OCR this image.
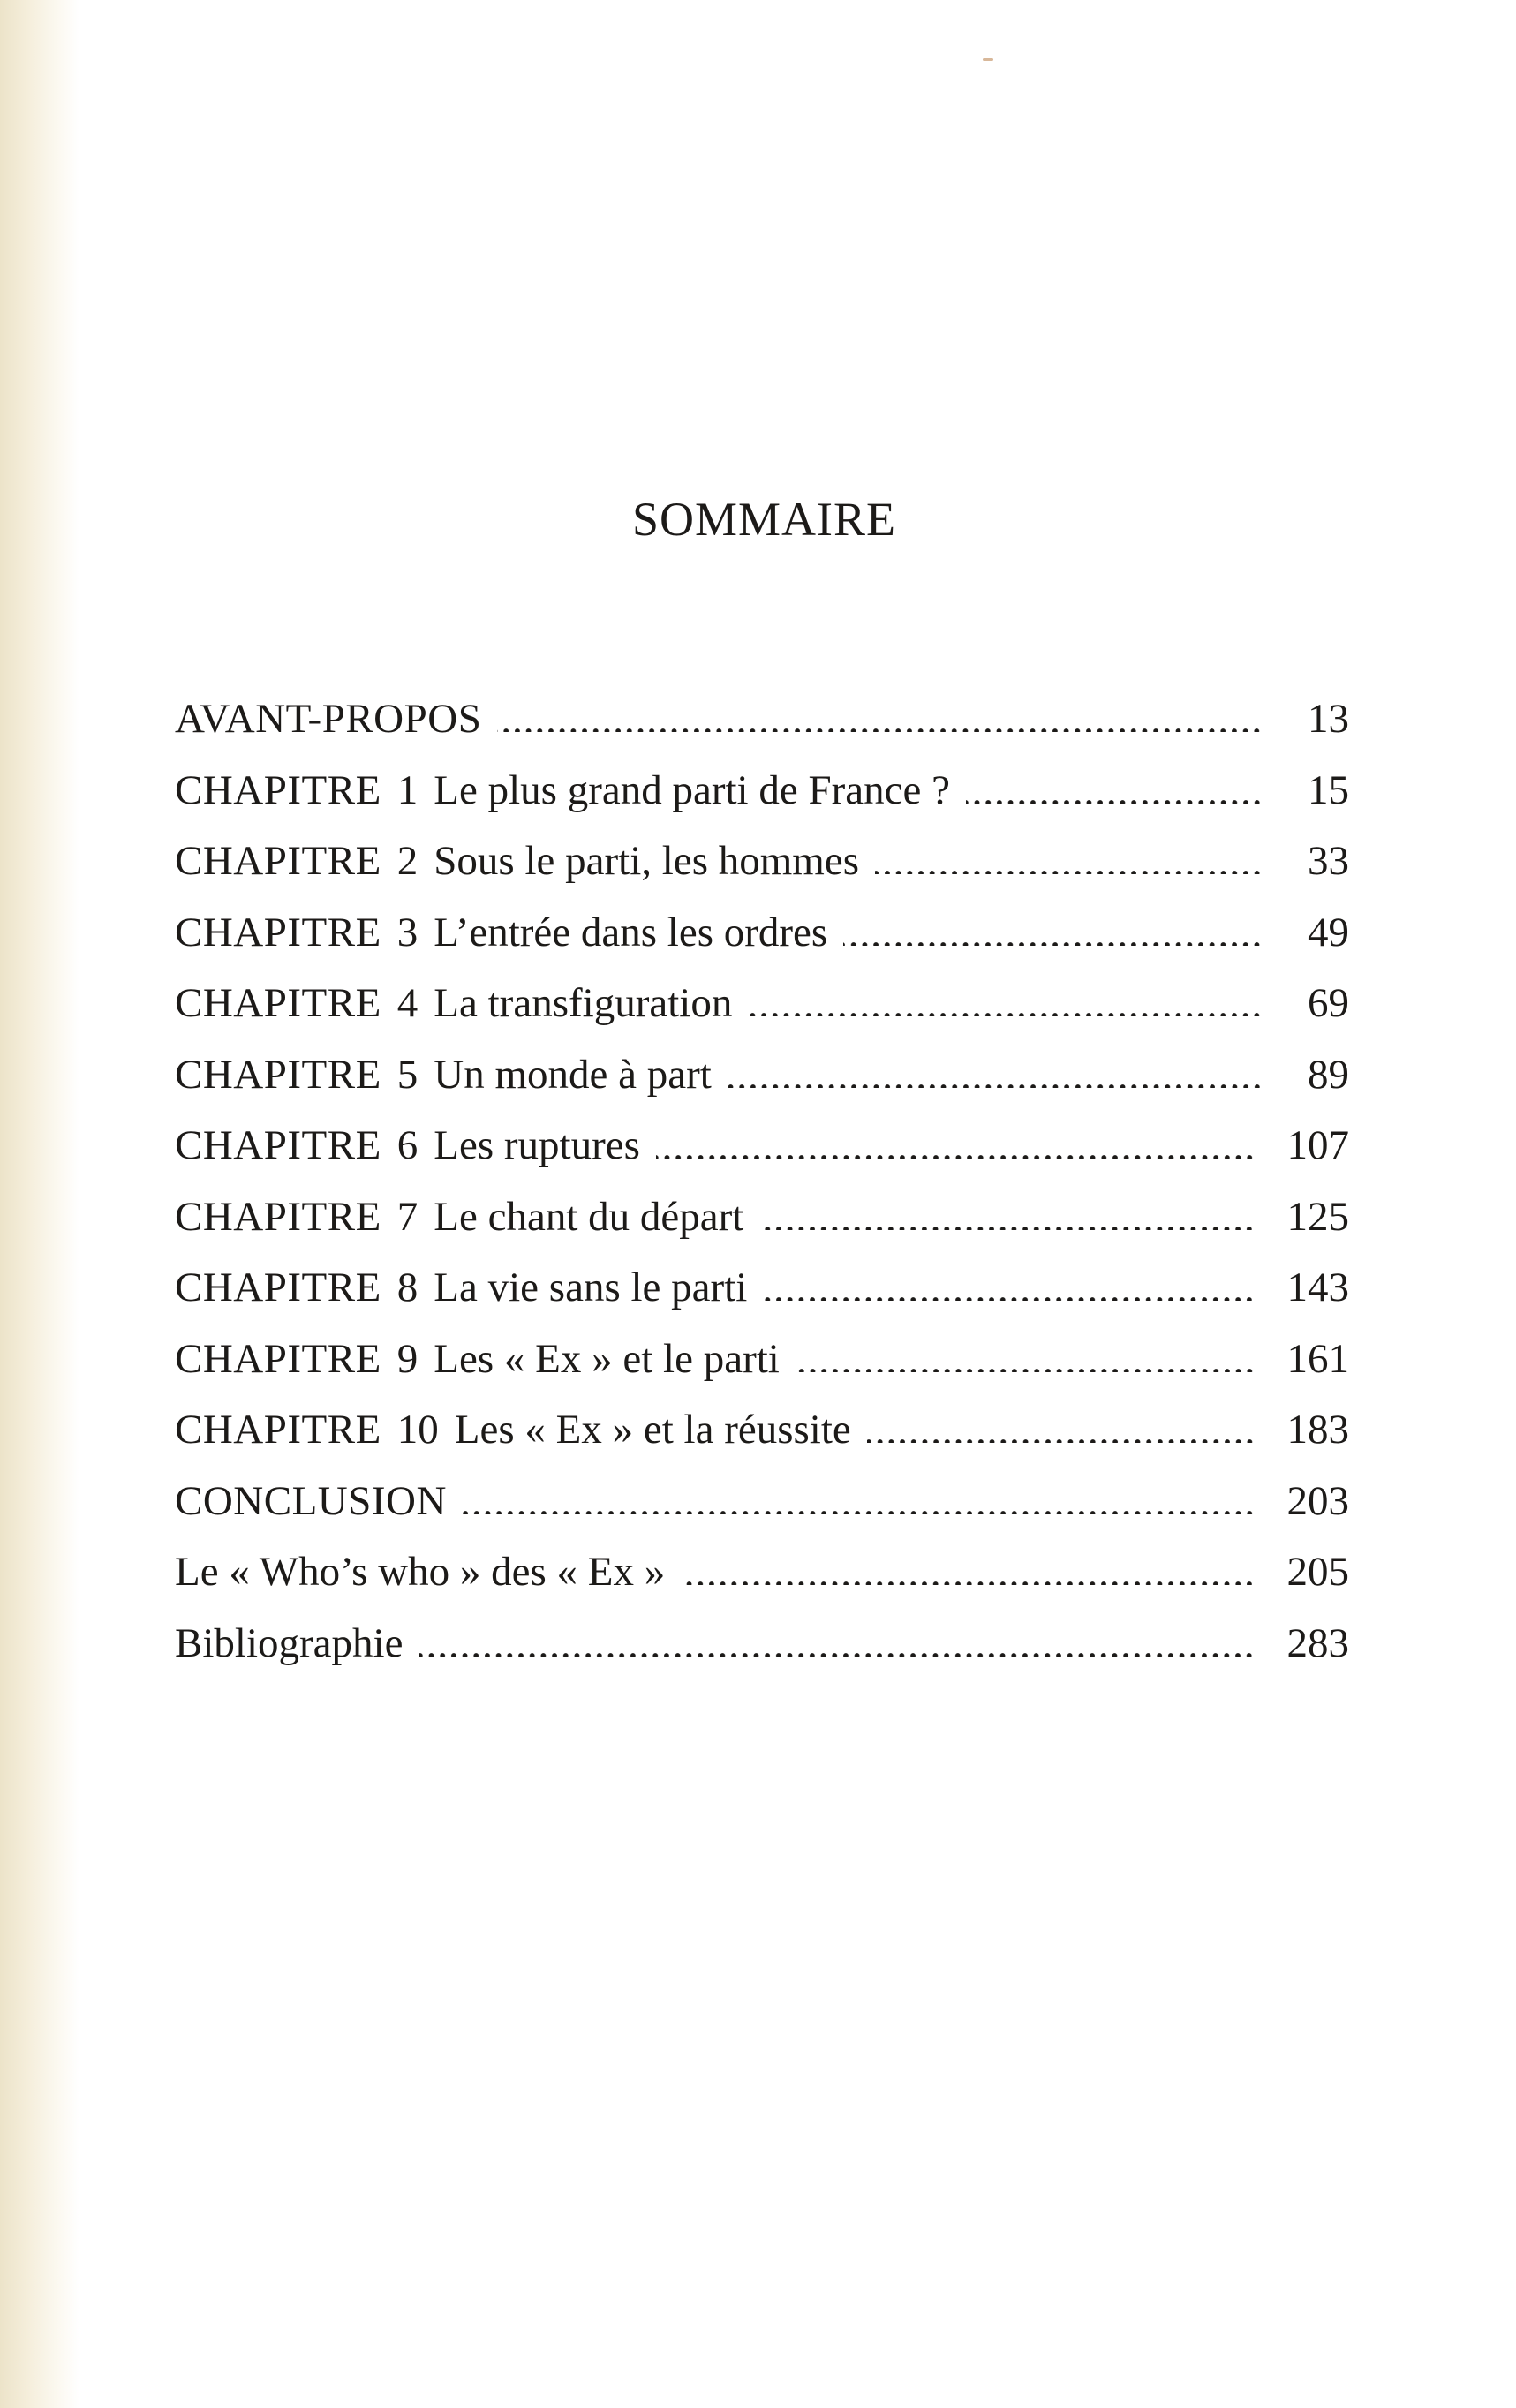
SOMMAIRE
AVANT-PROPOS	13
CHAPITRE 1 Le plus grand parti de France ?	15
CHAPITRE 2 Sous le parti, les hommes	33
CHAPITRE 3 L’entrée dans les ordres	49
CHAPITRE 4 La transfiguration	69
CHAPITRE 5 Un monde à part	89
CHAPITRE 6 Les ruptures	107
CHAPITRE 7 Le chant du départ	125
CHAPITRE 8 La vie sans le parti	143
CHAPITRE 9 Les « Ex » et le parti	161
CHAPITRE 10 Les « Ex » et la réussite	183
CONCLUSION	203
Le « Who’s who » des « Ex »	205
Bibliographie	283
